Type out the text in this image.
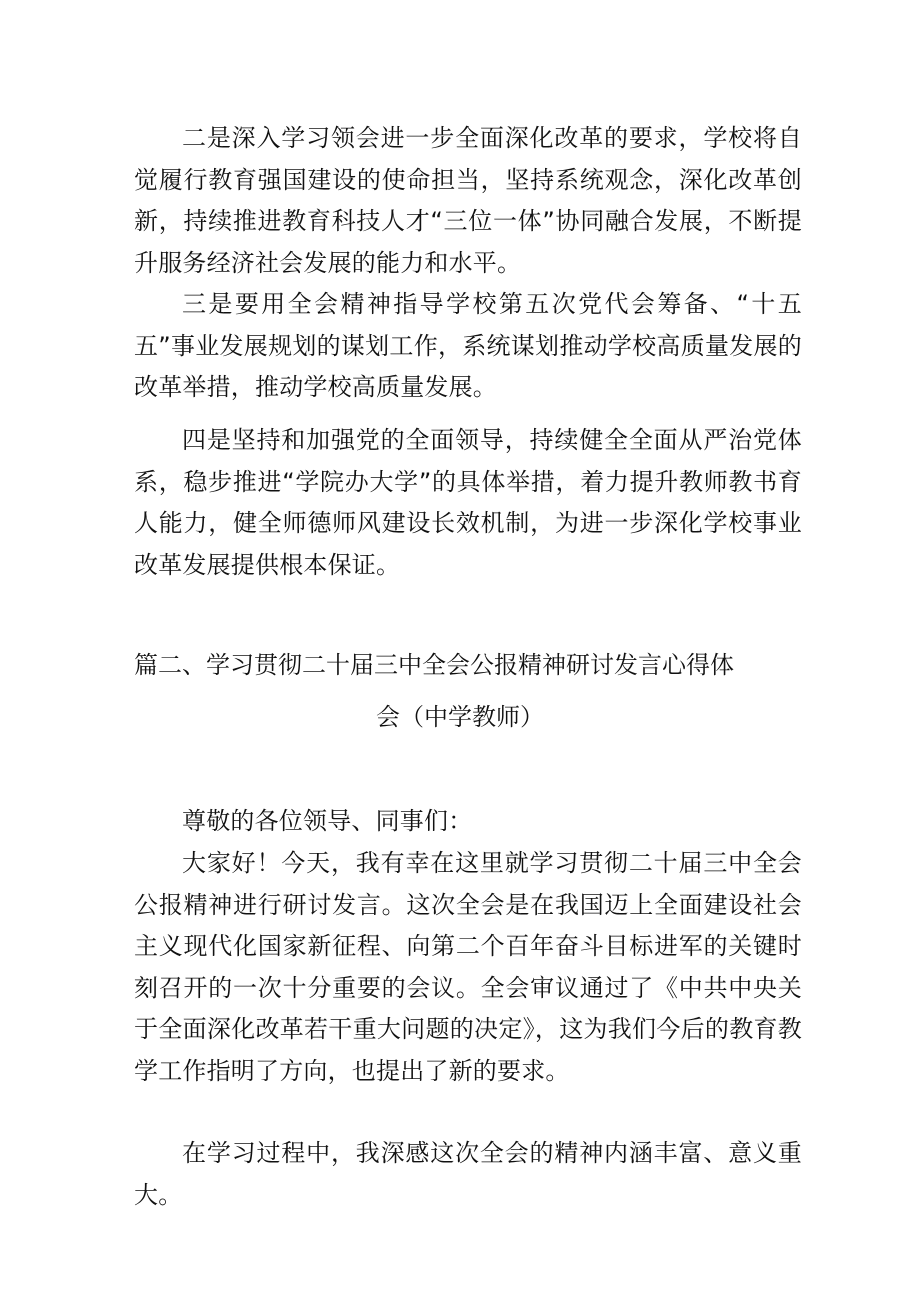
二是深入学习领会进一步全面深化改革的要求，学校将自觉履行教育强国建设的使命担当，坚持系统观念，深化改革创新，持续推进教育科技人才“三位一体”协同融合发展，不断提升服务经济社会发展的能力和水平。

三是要用全会精神指导学校第五次党代会筹备、“十五五”事业发展规划的谋划工作，系统谋划推动学校高质量发展的改革举措，推动学校高质量发展。

四是坚持和加强党的全面领导，持续健全全面从严治党体系，稳步推进“学院办大学”的具体举措，着力提升教师教书育人能力，健全师德师风建设长效机制，为进一步深化学校事业改革发展提供根本保证。

篇二、学习贯彻二十届三中全会公报精神研讨发言心得体
会（中学教师）

尊敬的各位领导、同事们：

大家好！今天，我有幸在这里就学习贯彻二十届三中全会公报精神进行研讨发言。这次全会是在我国迈上全面建设社会主义现代化国家新征程、向第二个百年奋斗目标进军的关键时刻召开的一次十分重要的会议。全会审议通过了《中共中央关于全面深化改革若干重大问题的决定》，这为我们今后的教育教学工作指明了方向，也提出了新的要求。

在学习过程中，我深感这次全会的精神内涵丰富、意义重大。
